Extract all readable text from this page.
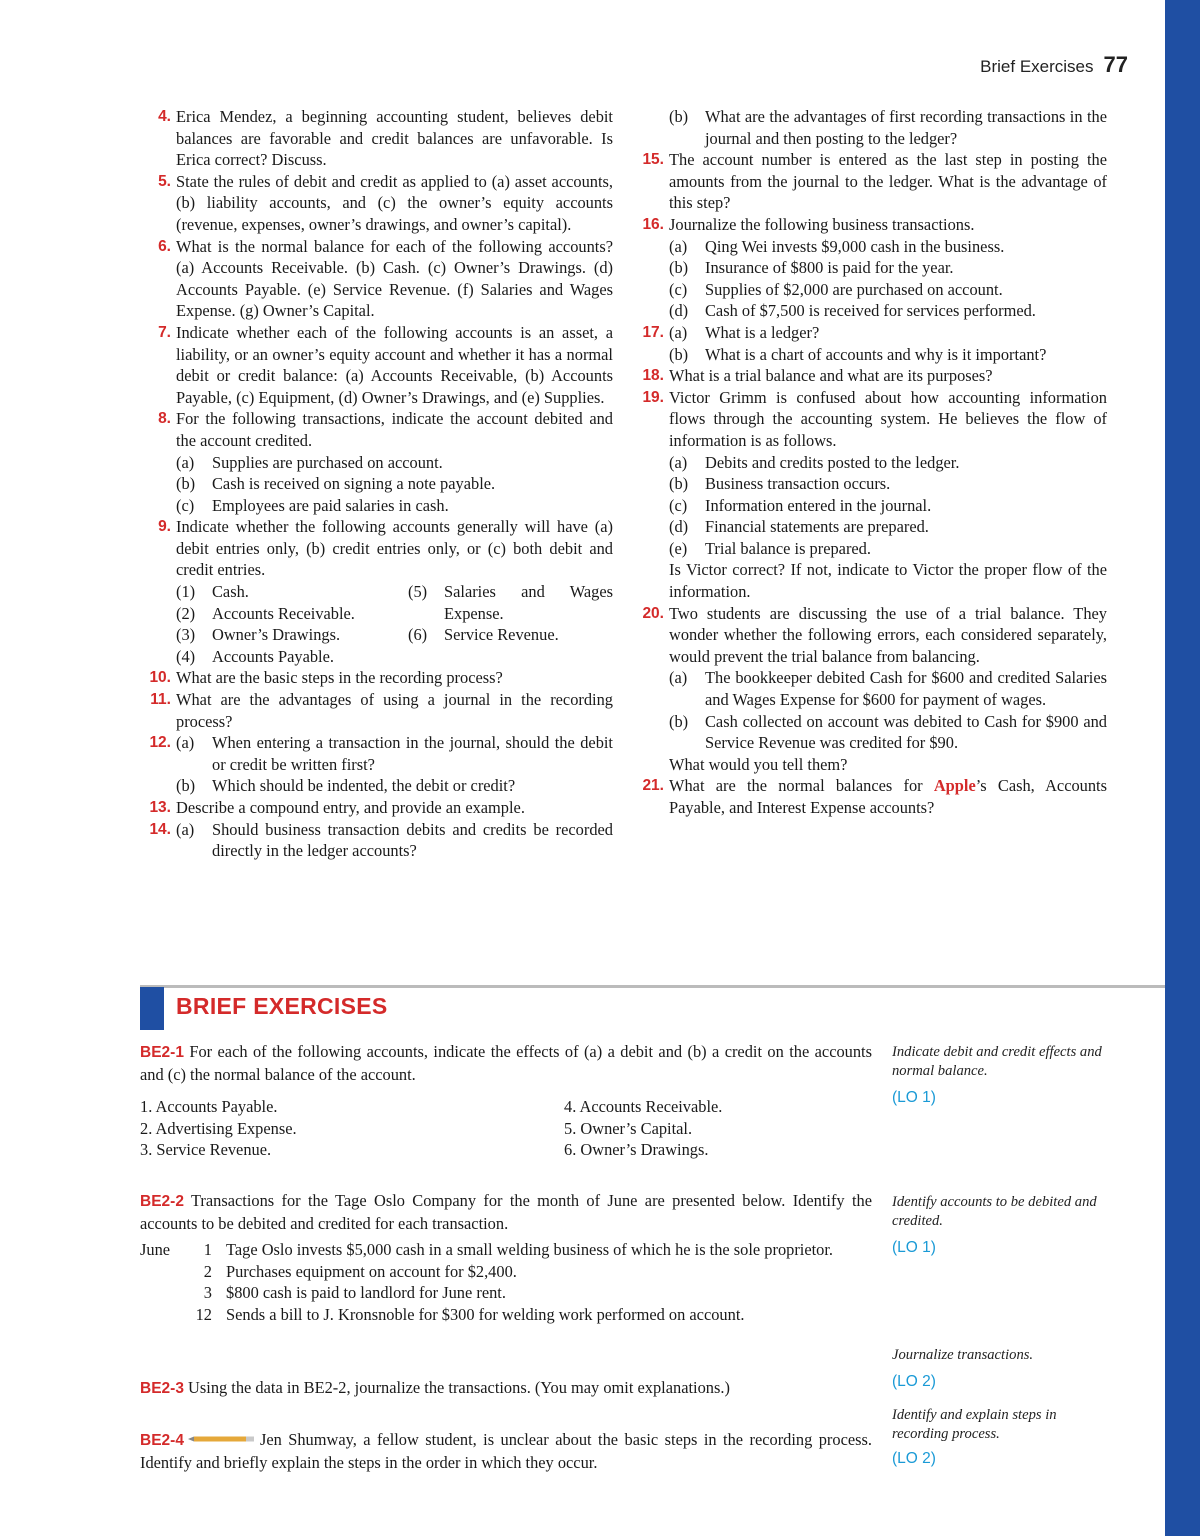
Brief Exercises 77
4. Erica Mendez, a beginning accounting student, believes debit balances are favorable and credit balances are unfavorable. Is Erica correct? Discuss.
5. State the rules of debit and credit as applied to (a) asset accounts, (b) liability accounts, and (c) the owner’s equity accounts (revenue, expenses, owner’s drawings, and owner’s capital).
6. What is the normal balance for each of the following accounts? (a) Accounts Receivable. (b) Cash. (c) Owner’s Drawings. (d) Accounts Payable. (e) Service Revenue. (f) Salaries and Wages Expense. (g) Owner’s Capital.
7. Indicate whether each of the following accounts is an asset, a liability, or an owner’s equity account and whether it has a normal debit or credit balance: (a) Accounts Receivable, (b) Accounts Payable, (c) Equipment, (d) Owner’s Drawings, and (e) Supplies.
8. For the following transactions, indicate the account debited and the account credited.
(a) Supplies are purchased on account.
(b) Cash is received on signing a note payable.
(c) Employees are paid salaries in cash.
9. Indicate whether the following accounts generally will have (a) debit entries only, (b) credit entries only, or (c) both debit and credit entries.
(1) Cash.
(2) Accounts Receivable.
(3) Owner’s Drawings.
(4) Accounts Payable.
(5) Salaries and Wages Expense.
(6) Service Revenue.
10. What are the basic steps in the recording process?
11. What are the advantages of using a journal in the recording process?
12. (a) When entering a transaction in the journal, should the debit or credit be written first?
(b) Which should be indented, the debit or credit?
13. Describe a compound entry, and provide an example.
14. (a) Should business transaction debits and credits be recorded directly in the ledger accounts?
(b) What are the advantages of first recording transactions in the journal and then posting to the ledger?
15. The account number is entered as the last step in posting the amounts from the journal to the ledger. What is the advantage of this step?
16. Journalize the following business transactions.
(a) Qing Wei invests $9,000 cash in the business.
(b) Insurance of $800 is paid for the year.
(c) Supplies of $2,000 are purchased on account.
(d) Cash of $7,500 is received for services performed.
17. (a) What is a ledger?
(b) What is a chart of accounts and why is it important?
18. What is a trial balance and what are its purposes?
19. Victor Grimm is confused about how accounting information flows through the accounting system. He believes the flow of information is as follows.
(a) Debits and credits posted to the ledger.
(b) Business transaction occurs.
(c) Information entered in the journal.
(d) Financial statements are prepared.
(e) Trial balance is prepared.
Is Victor correct? If not, indicate to Victor the proper flow of the information.
20. Two students are discussing the use of a trial balance. They wonder whether the following errors, each considered separately, would prevent the trial balance from balancing.
(a) The bookkeeper debited Cash for $600 and credited Salaries and Wages Expense for $600 for payment of wages.
(b) Cash collected on account was debited to Cash for $900 and Service Revenue was credited for $90.
What would you tell them?
21. What are the normal balances for Apple’s Cash, Accounts Payable, and Interest Expense accounts?
BRIEF EXERCISES
BE2-1 For each of the following accounts, indicate the effects of (a) a debit and (b) a credit on the accounts and (c) the normal balance of the account.
1. Accounts Payable.	4. Accounts Receivable.
2. Advertising Expense.	5. Owner’s Capital.
3. Service Revenue.	6. Owner’s Drawings.
Indicate debit and credit effects and normal balance.
(LO 1)
BE2-2 Transactions for the Tage Oslo Company for the month of June are presented below. Identify the accounts to be debited and credited for each transaction.
June	1 Tage Oslo invests $5,000 cash in a small welding business of which he is the sole proprietor.
2 Purchases equipment on account for $2,400.
3 $800 cash is paid to landlord for June rent.
12 Sends a bill to J. Kronsnoble for $300 for welding work performed on account.
Identify accounts to be debited and credited.
(LO 1)
BE2-3 Using the data in BE2-2, journalize the transactions. (You may omit explanations.)
Journalize transactions.
(LO 2)
BE2-4	Jen Shumway, a fellow student, is unclear about the basic steps in the recording process. Identify and briefly explain the steps in the order in which they occur.
Identify and explain steps in recording process.
(LO 2)
